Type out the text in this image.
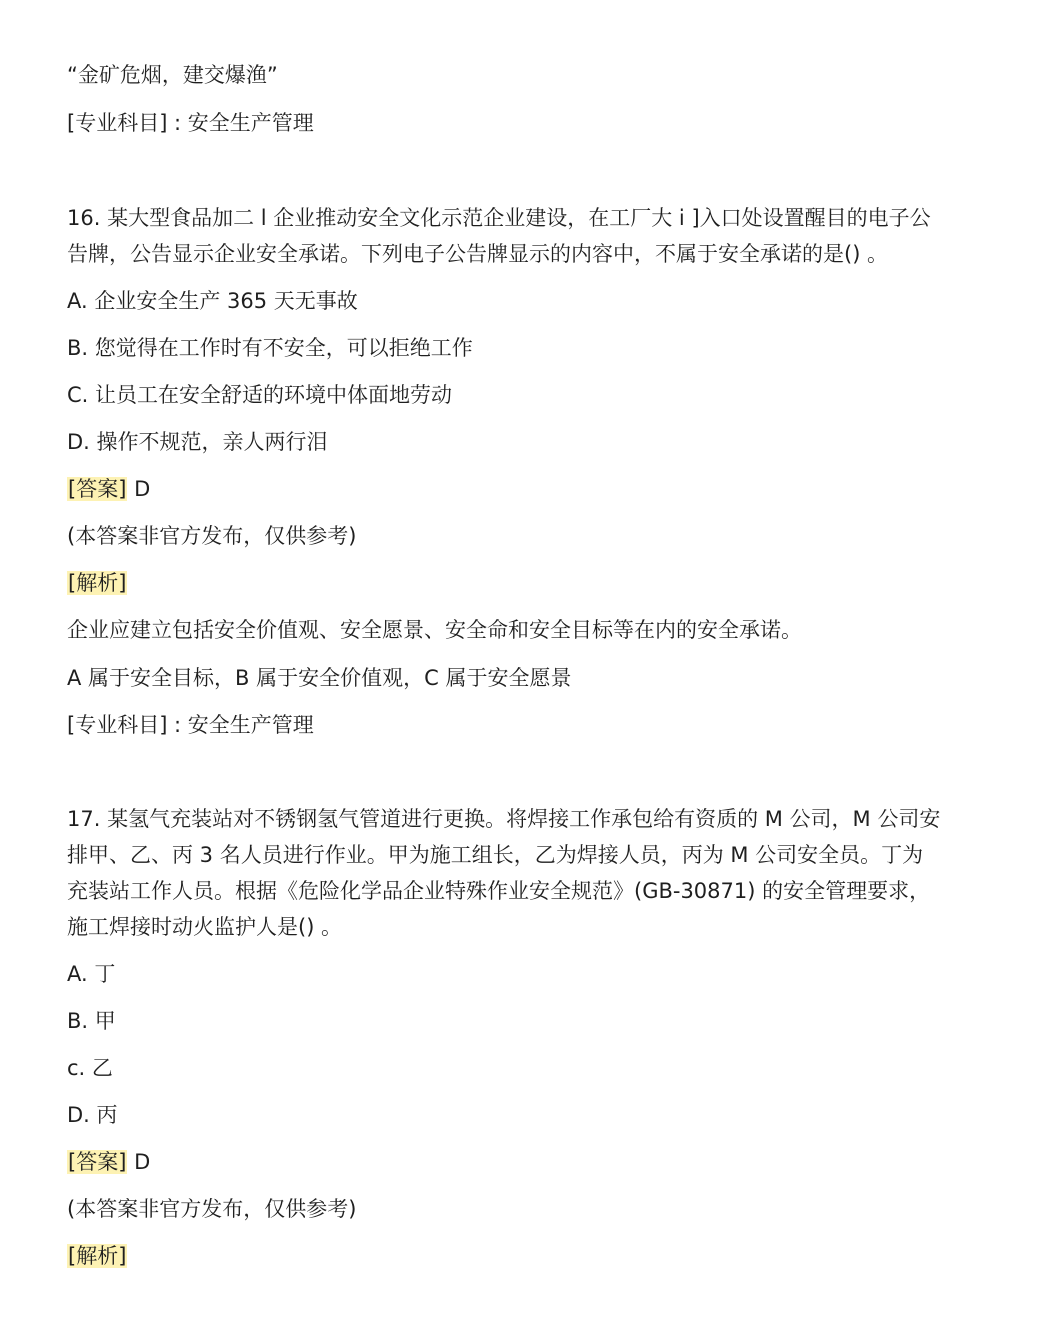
“金矿危烟，建交爆渔”
[专业科目] : 安全生产管理
16. 某大型食品加二 l 企业推动安全文化示范企业建设，在工厂大 i ]入口处设置醒目的电子公
告牌，公告显示企业安全承诺。下列电子公告牌显示的内容中，不属于安全承诺的是() 。
A. 企业安全生产 365 天无事故
B. 您觉得在工作时有不安全，可以拒绝工作
C. 让员工在安全舒适的环境中体面地劳动
D. 操作不规范，亲人两行泪
[答案] D
(本答案非官方发布，仅供参考)
[解析]
企业应建立包括安全价值观、安全愿景、安全命和安全目标等在内的安全承诺。
A 属于安全目标，B 属于安全价值观，C 属于安全愿景
[专业科目] : 安全生产管理
17. 某氢气充装站对不锈钢氢气管道进行更换。将焊接工作承包给有资质的 M 公司，M 公司安
排甲、乙、丙 3 名人员进行作业。甲为施工组长，乙为焊接人员，丙为 M 公司安全员。丁为
充装站工作人员。根据《危险化学品企业特殊作业安全规范》(GB-30871) 的安全管理要求，
施工焊接时动火监护人是() 。
A. 丁
B. 甲
c. 乙
D. 丙
[答案] D
(本答案非官方发布，仅供参考)
[解析]
